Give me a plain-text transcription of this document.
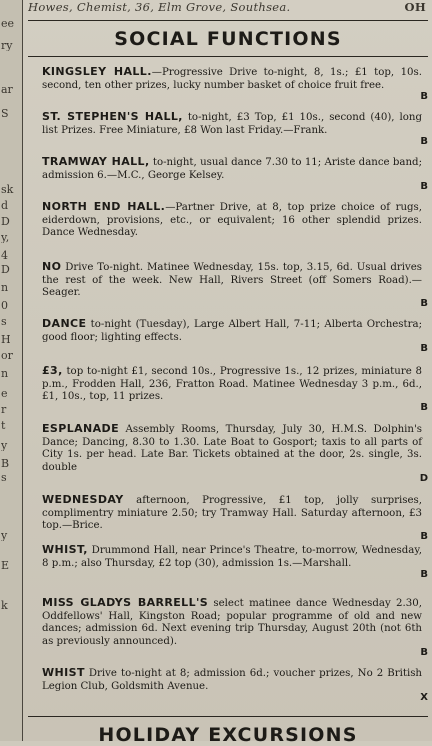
ee
ry
ar
S
sk
d
D
y,
4
D
n
0
s
H
or
n
e
r
t
y
B
s
y
E
k
Howes, Chemist, 36, Elm Grove, Southsea.	OH
SOCIAL FUNCTIONS

KINGSLEY HALL.—Progressive Drive to-night, 8, 1s.; £1 top, 10s. second, ten other prizes, lucky number basket of choice fruit free.
B

ST. STEPHEN'S HALL, to-night, £3 Top, £1 10s., second (40), long list Prizes. Free Miniature, £8 Won last Friday.—Frank.
B

TRAMWAY HALL, to-night, usual dance 7.30 to 11; Ariste dance band; admission 6.—M.C., George Kelsey.
B

NORTH END HALL.—Partner Drive, at 8, top prize choice of rugs, eiderdown, provisions, etc., or equivalent; 16 other splendid prizes. Dance Wednesday.

NO Drive To-night. Matinee Wednesday, 15s. top, 3.15, 6d. Usual drives the rest of the week. New Hall, Rivers Street (off Somers Road).—Seager.
B

DANCE to-night (Tuesday), Large Albert Hall, 7-11; Alberta Orchestra; good floor; lighting effects.
B

£3, top to-night £1, second 10s., Progressive 1s., 12 prizes, miniature 8 p.m., Frodden Hall, 236, Fratton Road. Matinee Wednesday 3 p.m., 6d., £1, 10s., top, 11 prizes.
B

ESPLANADE Assembly Rooms, Thursday, July 30, H.M.S. Dolphin's Dance; Dancing, 8.30 to 1.30. Late Boat to Gosport; taxis to all parts of City 1s. per head. Late Bar. Tickets obtained at the door, 2s. single, 3s. double
D

WEDNESDAY afternoon, Progressive, £1 top, jolly surprises, complimentry miniature 2.50; try Tramway Hall. Saturday afternoon, £3 top.—Brice.
B

WHIST, Drummond Hall, near Prince's Theatre, to-morrow, Wednesday, 8 p.m.; also Thursday, £2 top (30), admission 1s.—Marshall.
B

MISS GLADYS BARRELL'S select matinee dance Wednesday 2.30, Oddfellows' Hall, Kingston Road; popular programme of old and new dances; admission 6d. Next evening trip Thursday, August 20th (not 6th as previously announced).
B

WHIST Drive to-night at 8; admission 6d.; voucher prizes, No 2 British Legion Club, Goldsmith Avenue.
X

HOLIDAY EXCURSIONS
